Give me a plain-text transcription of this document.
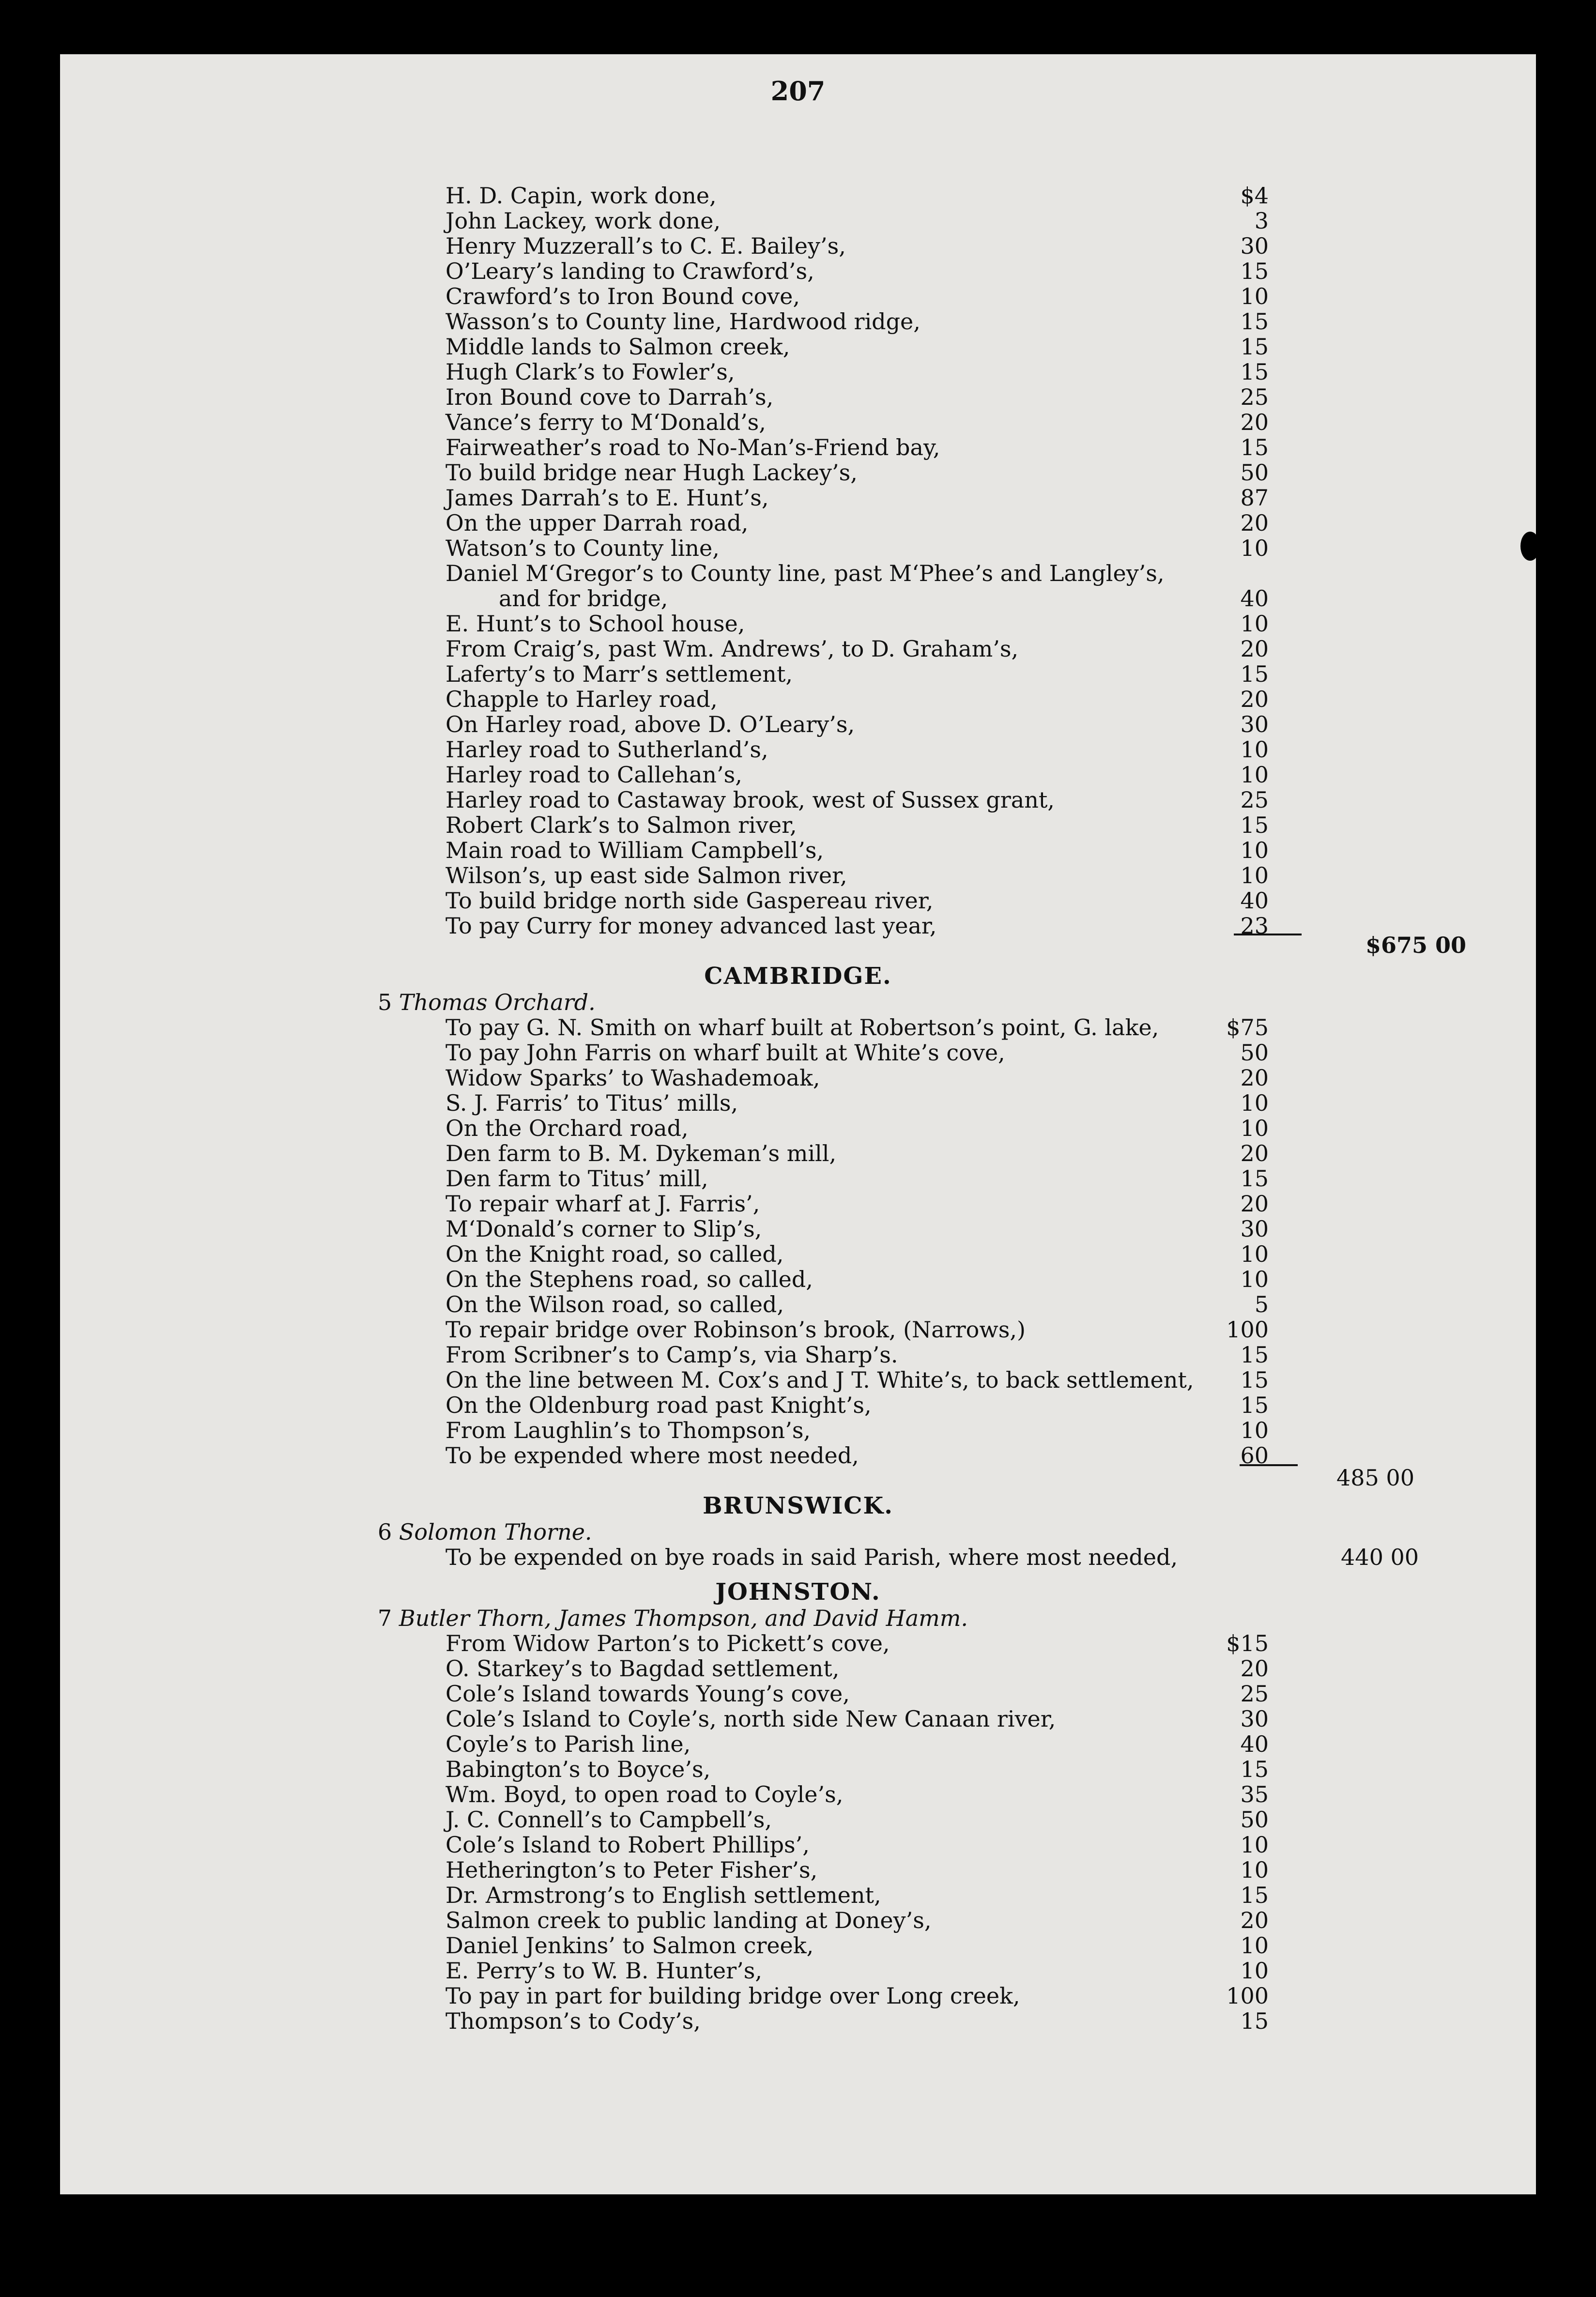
207
H. D. Capin, work done,	$4
John Lackey, work done,	3
Henry Muzzerall’s to C. E. Bailey’s,	30
O’Leary’s landing to Crawford’s,	15
Crawford’s to Iron Bound cove,	10
Wasson’s to County line, Hardwood ridge,	15
Middle lands to Salmon creek,	15
Hugh Clark’s to Fowler’s,	15
Iron Bound cove to Darrah’s,	25
Vance’s ferry to M‘Donald’s,	20
Fairweather’s road to No-Man’s-Friend bay,	15
To build bridge near Hugh Lackey’s,	50
James Darrah’s to E. Hunt’s,	87
On the upper Darrah road,	20
Watson’s to County line,	10
Daniel M‘Gregor’s to County line, past M‘Phee’s and Langley’s,
and for bridge,	40
E. Hunt’s to School house,	10
From Craig’s, past Wm. Andrews’, to D. Graham’s,	20
Laferty’s to Marr’s settlement,	15
Chapple to Harley road,	20
On Harley road, above D. O’Leary’s,	30
Harley road to Sutherland’s,	10
Harley road to Callehan’s,	10
Harley road to Castaway brook, west of Sussex grant,	25
Robert Clark’s to Salmon river,	15
Main road to William Campbell’s,	10
Wilson’s, up east side Salmon river,	10
To build bridge north side Gaspereau river,	40
To pay Curry for money advanced last year,	23
$675 00
CAMBRIDGE.
5 Thomas Orchard.
To pay G. N. Smith on wharf built at Robertson’s point, G. lake,	$75
To pay John Farris on wharf built at White’s cove,	50
Widow Sparks’ to Washademoak,	20
S. J. Farris’ to Titus’ mills,	10
On the Orchard road,	10
Den farm to B. M. Dykeman’s mill,	20
Den farm to Titus’ mill,	15
To repair wharf at J. Farris’,	20
M‘Donald’s corner to Slip’s,	30
On the Knight road, so called,	10
On the Stephens road, so called,	10
On the Wilson road, so called,	5
To repair bridge over Robinson’s brook, (Narrows,)	100
From Scribner’s to Camp’s, via Sharp’s.	15
On the line between M. Cox’s and J T. White’s, to back settlement,	15
On the Oldenburg road past Knight’s,	15
From Laughlin’s to Thompson’s,	10
To be expended where most needed,	60
485 00
BRUNSWICK.
6 Solomon Thorne.
To be expended on bye roads in said Parish, where most needed,	440 00
JOHNSTON.
7 Butler Thorn, James Thompson, and David Hamm.
From Widow Parton’s to Pickett’s cove,	$15
O. Starkey’s to Bagdad settlement,	20
Cole’s Island towards Young’s cove,	25
Cole’s Island to Coyle’s, north side New Canaan river,	30
Coyle’s to Parish line,	40
Babington’s to Boyce’s,	15
Wm. Boyd, to open road to Coyle’s,	35
J. C. Connell’s to Campbell’s,	50
Cole’s Island to Robert Phillips’,	10
Hetherington’s to Peter Fisher’s,	10
Dr. Armstrong’s to English settlement,	15
Salmon creek to public landing at Doney’s,	20
Daniel Jenkins’ to Salmon creek,	10
E. Perry’s to W. B. Hunter’s,	10
To pay in part for building bridge over Long creek,	100
Thompson’s to Cody’s,	15
